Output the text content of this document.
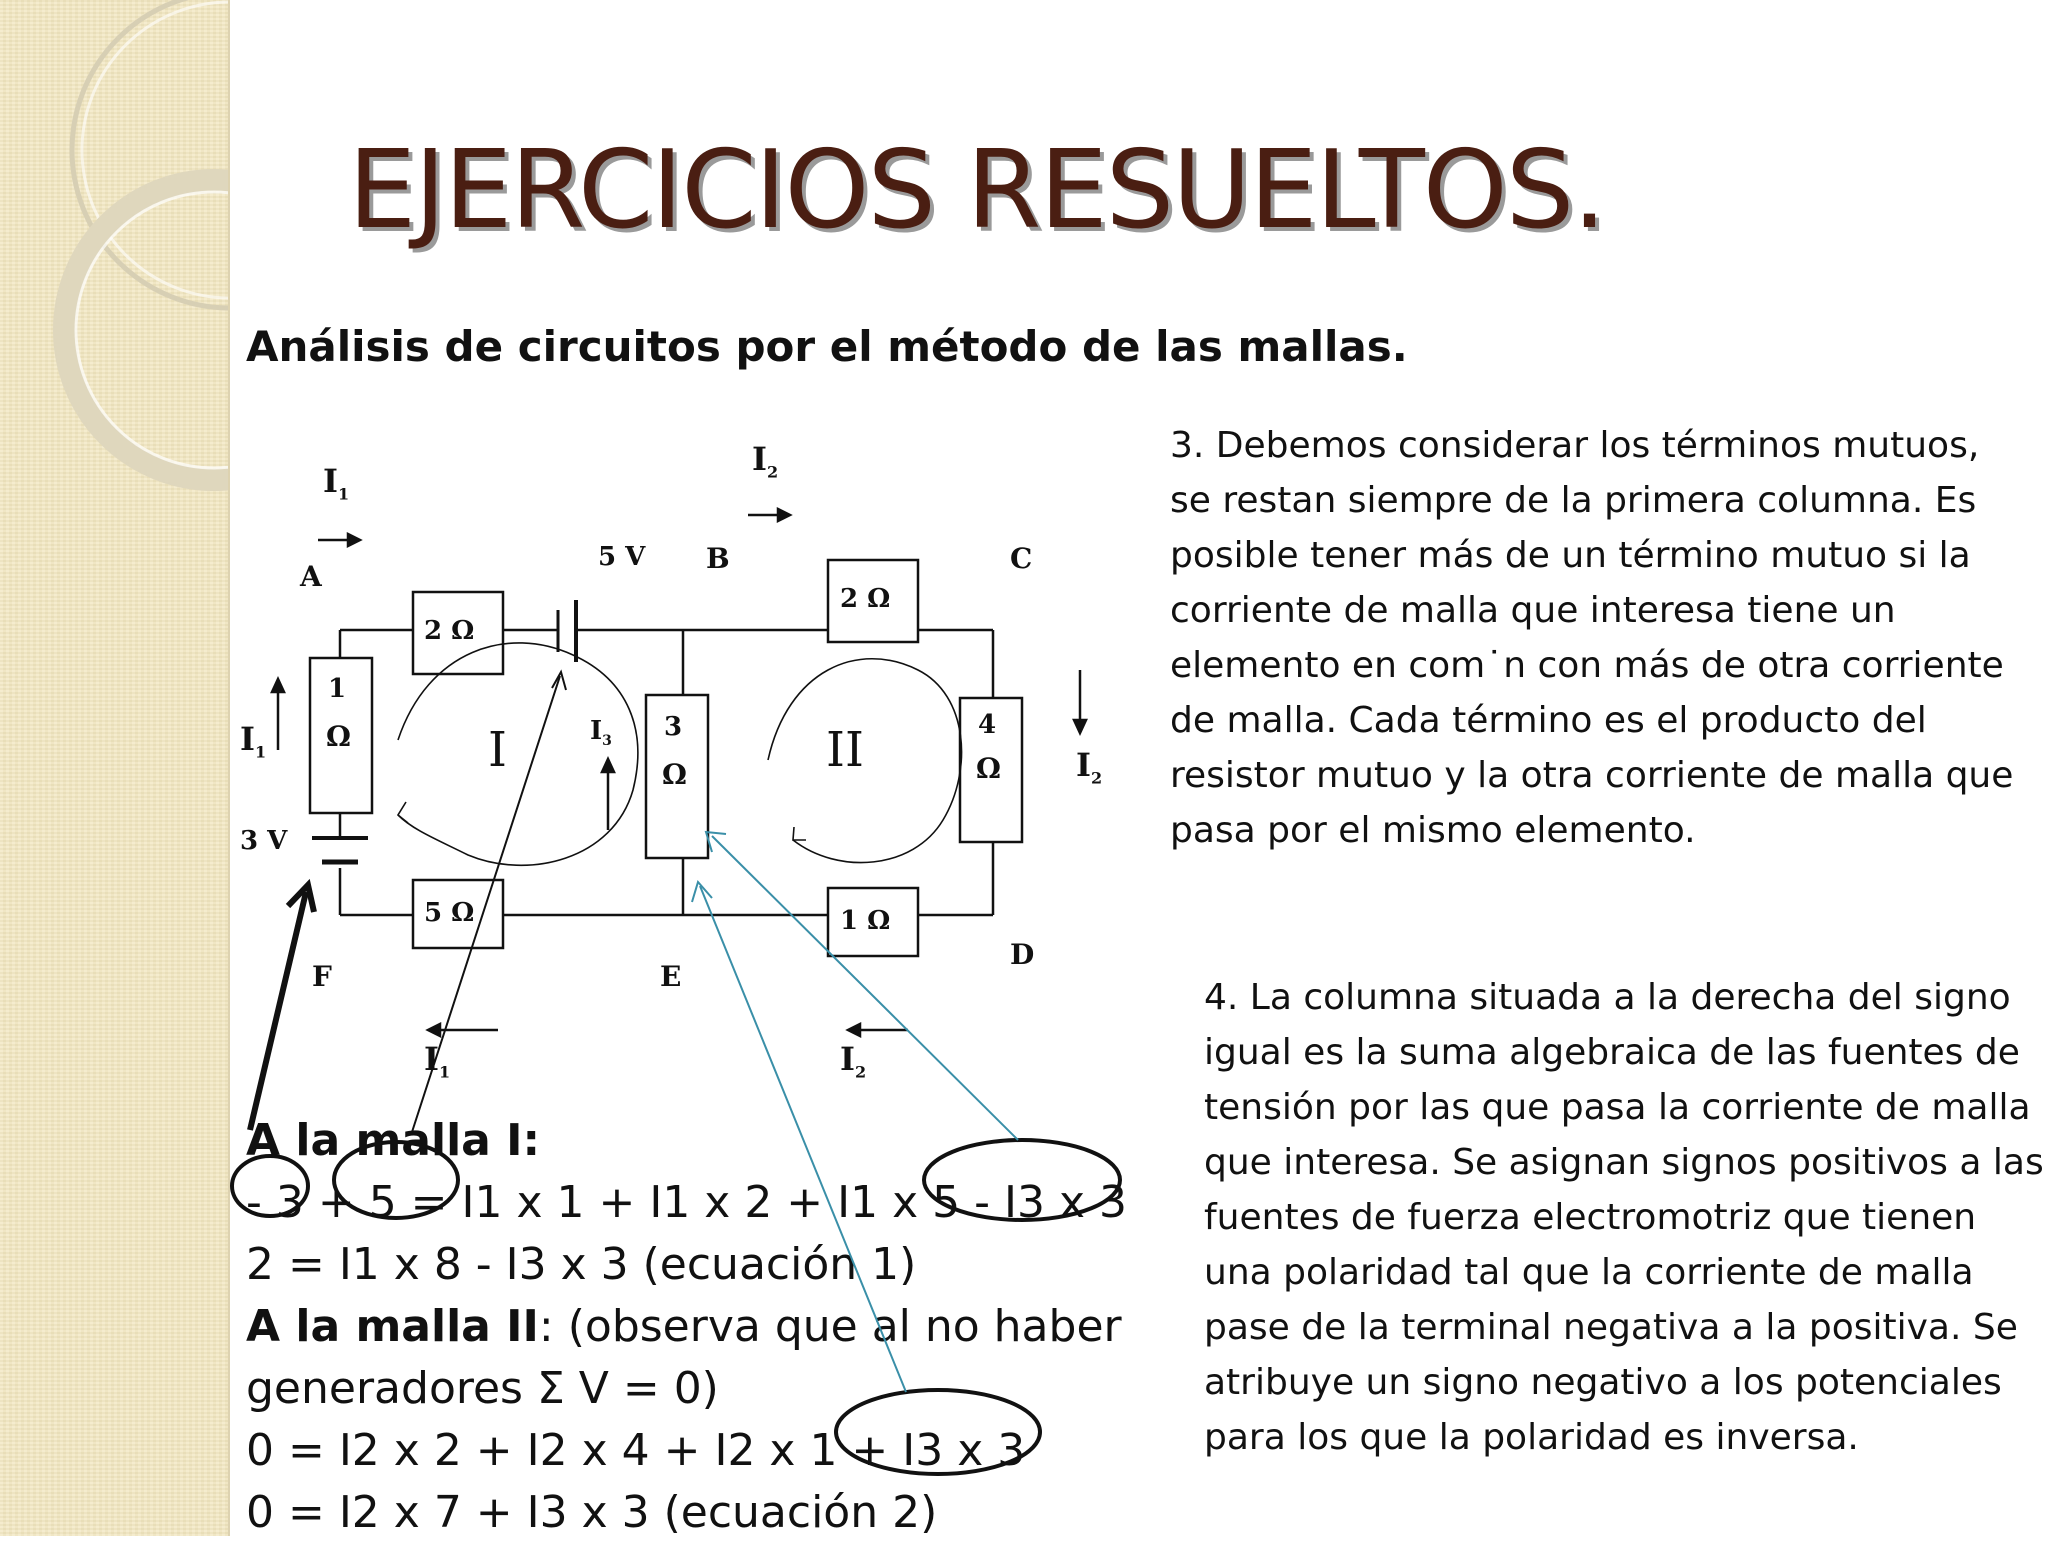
EJERCICIOS RESUELTOS.
Análisis de circuitos por el método de las mallas.
A
B	C
D
E
F
2 Ω
2 Ω
1
Ω	3
Ω
4
Ω
5 Ω	1 Ω
5 V
3 V
I	II
$I_1$
$I_2$
$I_1$
$I_3$
$I_2$
$I_1$	$I_2$

3. Debemos considerar los términos mutuos, se restan siempre de la primera columna. Es posible tener más de un término mutuo si la corriente de malla que interesa tiene un elemento en com˙n con más de otra corriente de malla. Cada término es el producto del resistor mutuo y la otra corriente de malla que pasa por el mismo elemento.

4. La columna situada a la derecha del signo igual es la suma algebraica de las fuentes de tensión por las que pasa la corriente de malla que interesa. Se asignan signos positivos a las fuentes de fuerza electromotriz que tienen una polaridad tal que la corriente de malla pase de la terminal negativa a la positiva. Se atribuye un signo negativo a los potenciales para los que la polaridad es inversa.

A la malla I:
- 3 + 5 = I1 x 1 + I1 x 2 + I1 x 5 - I3 x 3
2 = I1 x 8 - I3 x 3 (ecuación 1)
A la malla II: (observa que al no haber
generadores Σ V = 0)
0 = I2 x 2 + I2 x 4 + I2 x 1 + I3 x 3
0 = I2 x 7 + I3 x 3 (ecuación 2)
